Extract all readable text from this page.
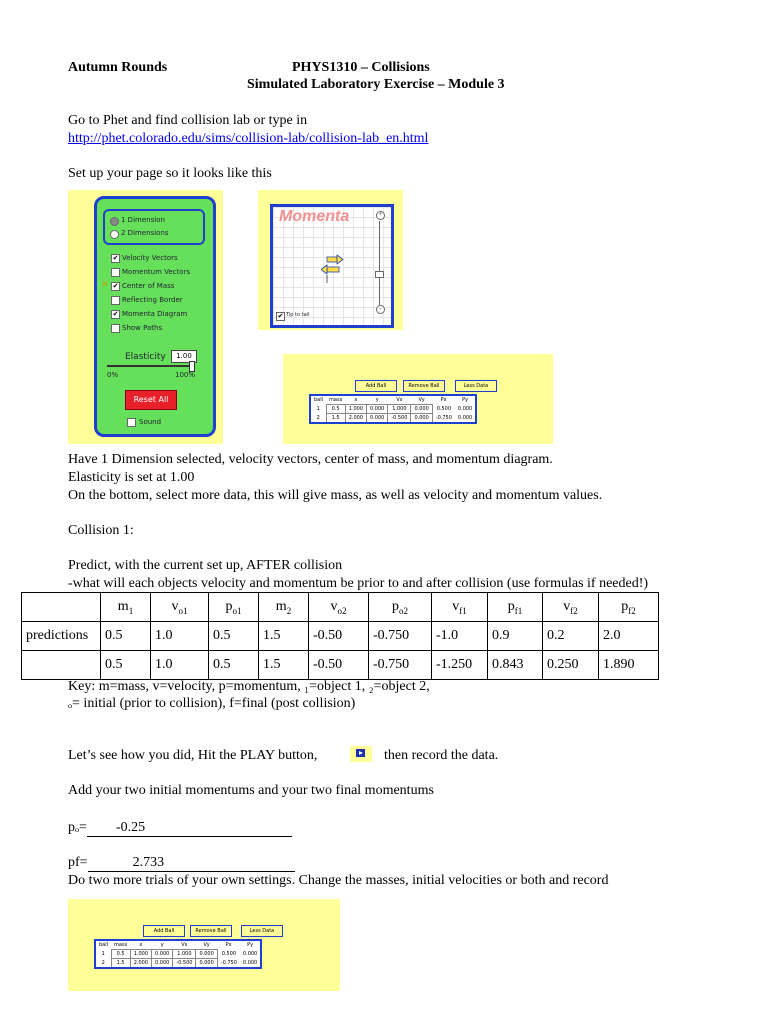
Autumn Rounds	PHYS1310 – Collisions
Simulated Laboratory Exercise – Module 3
Go to Phet and find collision lab or type in
http://phet.colorado.edu/sims/collision-lab/collision-lab_en.html
Set up your page so it looks like this
1 Dimension
2 Dimensions
✔ Velocity Vectors
Momentum Vectors
✔ Center of Mass
Reflecting Border
✔ Momenta Diagram
Show Paths
✕
Elasticity	1.00
0%	100%
Reset All
Sound
Momenta	+
−
✔ Tip to tail
Add Ball	Remove Ball	Less Data
ball	mass	x	y	Vx	Vy	Px	Py
1	0.5	1.000	0.000	1.000	0.000	0.500	0.000
2	1.5	2.000	0.000	-0.500	0.000	-0.750	0.000
Have 1 Dimension selected, velocity vectors, center of mass, and momentum diagram.
Elasticity is set at 1.00
On the bottom, select more data, this will give mass, as well as velocity and momentum values.
Collision 1:
Predict, with the current set up, AFTER collision
-what will each objects velocity and momentum be prior to and after collision (use formulas if needed!)
	$m_1$	$v_{o1}$	$p_{o1}$	$m_2$	$v_{o2}$	$p_{o2}$	$v_{f1}$	$p_{f1}$	$v_{f2}$	$p_{f2}$
predictions	0.5	1.0	0.5	1.5	-0.50	-0.750	-1.0	0.9	0.2	2.0
	0.5	1.0	0.5	1.5	-0.50	-0.750	-1.250	0.843	0.250	1.890
Key: m=mass, v=velocity, p=momentum, ₁=object 1, ₂=object 2,
ₒ= initial (prior to collision), f=final (post collision)
Let’s see how you did, Hit the PLAY button,	then record the data.
Add your two initial momentums and your two final momentums
pₒ= -0.25
pf=	2.733
Do two more trials of your own settings. Change the masses, initial velocities or both and record
Add Ball	Remove Ball	Less Data
ball	mass	x	y	Vx	Vy	Px	Py
1	0.5	1.000	0.000	1.000	0.000	0.500	0.000
2	1.5	2.000	0.000	-0.500	0.000	-0.750	0.000
